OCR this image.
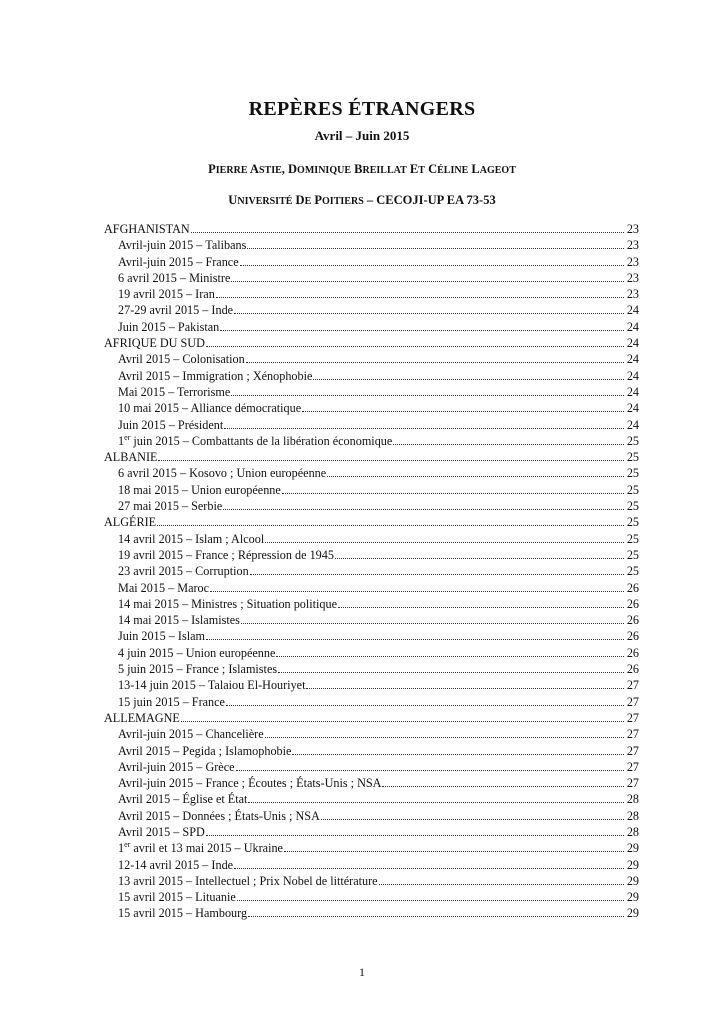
REPÈRES ÉTRANGERS
Avril – Juin 2015
PIERRE ASTIE, DOMINIQUE BREILLAT ET CÉLINE LAGEOT
UNIVERSITÉ DE POITIERS – CECOJI-UP EA 73-53
AFGHANISTAN	23
Avril-juin 2015 – Talibans	23
Avril-juin 2015 – France	23
6 avril 2015 – Ministre	23
19 avril 2015 – Iran	23
27-29 avril 2015 – Inde	24
Juin 2015 – Pakistan	24
AFRIQUE DU SUD	24
Avril 2015 – Colonisation	24
Avril 2015 – Immigration ; Xénophobie	24
Mai 2015 – Terrorisme	24
10 mai 2015 – Alliance démocratique	24
Juin 2015 – Président	24
1er juin 2015 – Combattants de la libération économique	25
ALBANIE	25
6 avril 2015 – Kosovo ; Union européenne	25
18 mai 2015 – Union européenne	25
27 mai 2015 – Serbie	25
ALGÉRIE	25
14 avril 2015 – Islam ; Alcool	25
19 avril 2015 – France ; Répression de 1945	25
23 avril 2015 – Corruption	25
Mai 2015 – Maroc	26
14 mai 2015 – Ministres ; Situation politique	26
14 mai 2015 – Islamistes	26
Juin 2015 – Islam	26
4 juin 2015 – Union européenne	26
5 juin 2015 – France ; Islamistes	26
13-14 juin 2015 – Talaiou El-Houriyet	27
15 juin 2015 – France	27
ALLEMAGNE	27
Avril-juin 2015 – Chancelière	27
Avril 2015 – Pegida ; Islamophobie	27
Avril-juin 2015 – Grèce	27
Avril-juin 2015 – France ; Écoutes ; États-Unis ; NSA	27
Avril 2015 – Église et État	28
Avril 2015 – Données ; États-Unis ; NSA	28
Avril 2015 – SPD	28
1er avril et 13 mai 2015 – Ukraine	29
12-14 avril 2015 – Inde	29
13 avril 2015 – Intellectuel ; Prix Nobel de littérature	29
15 avril 2015 – Lituanie	29
15 avril 2015 – Hambourg	29
1
